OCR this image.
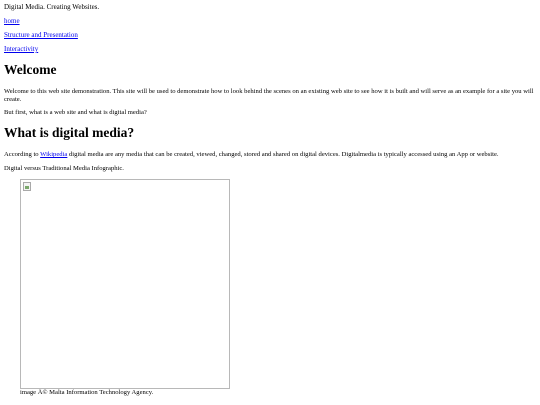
Digital Media. Creating Websites.
home
Structure and Presentation
Interactivity
Welcome
Welcome to this web site demonstration. This site will be used to demonstrate how to look behind the scenes on an existing web site to see how it is built and will serve as an example for a site you will create.
But first, what is a web site and what is digital media?
What is digital media?
According to Wikipedia digital media are any media that can be created, viewed, changed, stored and shared on digital devices. Digitalmedia is typically accessed using an App or website.
Digital versus Traditional Media Infographic.
image Â© Malta Information Technology Agency.
